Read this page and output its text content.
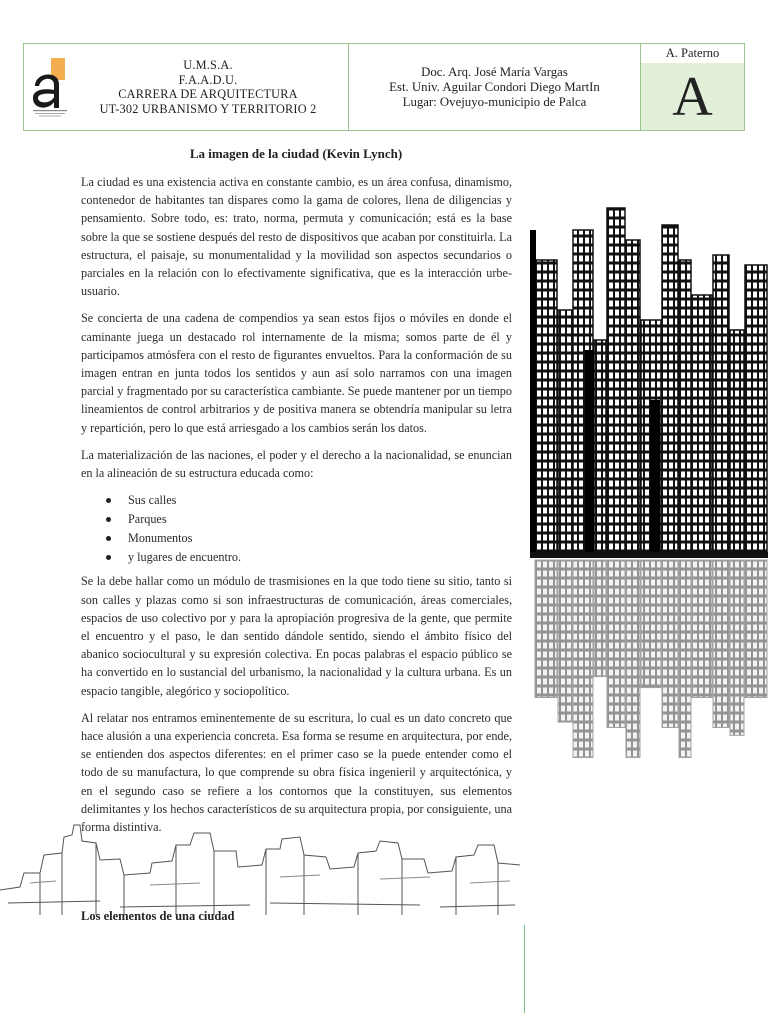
U.M.S.A.
F.A.A.D.U.
CARRERA DE ARQUITECTURA
UT-302 URBANISMO Y TERRITORIO 2
Doc. Arq. José María Vargas
Est. Univ. Aguilar Condori Diego MartIn
Lugar: Ovejuyo-municipio de Palca
A. Paterno
A
La imagen de la ciudad (Kevin Lynch)

La ciudad es una existencia activa en constante cambio, es un área confusa, dinamismo, contenedor de habitantes tan dispares como la gama de colores, llena de diligencias y pensamiento. Sobre todo, es: trato, norma, permuta y comunicación; está es la base sobre la que se sostiene después del resto de dispositivos que acaban por constituirla. La estructura, el paisaje, su monumentalidad y la movilidad son aspectos secundarios o parciales en la relación con lo efectivamente significativa, que es la interacción urbe-usuario.

Se concierta de una cadena de compendios ya sean estos fijos o móviles en donde el caminante juega un destacado rol internamente de la misma; somos parte de él y participamos atmósfera con el resto de figurantes envueltos. Para la conformación de su imagen entran en junta todos los sentidos y aun así solo narramos con una imagen parcial y fragmentado por su característica cambiante. Se puede mantener por un tiempo lineamientos de control arbitrarios y de positiva manera se obtendría manipular su letra y repartición, pero lo que está arriesgado a los cambios serán los datos.

La materialización de las naciones, el poder y el derecho a la nacionalidad, se enuncian en la alineación de su estructura educada como:

Sus calles
Parques
Monumentos
y lugares de encuentro.

Se la debe hallar como un módulo de trasmisiones en la que todo tiene su sitio, tanto si son calles y plazas como si son infraestructuras de comunicación, áreas comerciales, espacios de uso colectivo por y para la apropiación progresiva de la gente, que permite el encuentro y el paso, le dan sentido dándole sentido, siendo el ámbito físico del abanico sociocultural y su expresión colectiva. En pocas palabras el espacio público se ha convertido en lo sustancial del urbanismo, la nacionalidad y la cultura urbana. Es un espacio tangible, alegórico y sociopolítico.

Al relatar nos entramos eminentemente de su escritura, lo cual es un dato concreto que hace alusión a una experiencia concreta. Esa forma se resume en arquitectura, por ende, se entienden dos aspectos diferentes: en el primer caso se la puede entender como el todo de su manufactura, lo que comprende su obra física ingenieril y arquitectónica, y en el segundo caso se refiere a los contornos que la constituyen, sus elementos delimitantes y los hechos característicos de su arquitectura propia, por consiguiente, una forma distintiva.

Los elementos de una ciudad
